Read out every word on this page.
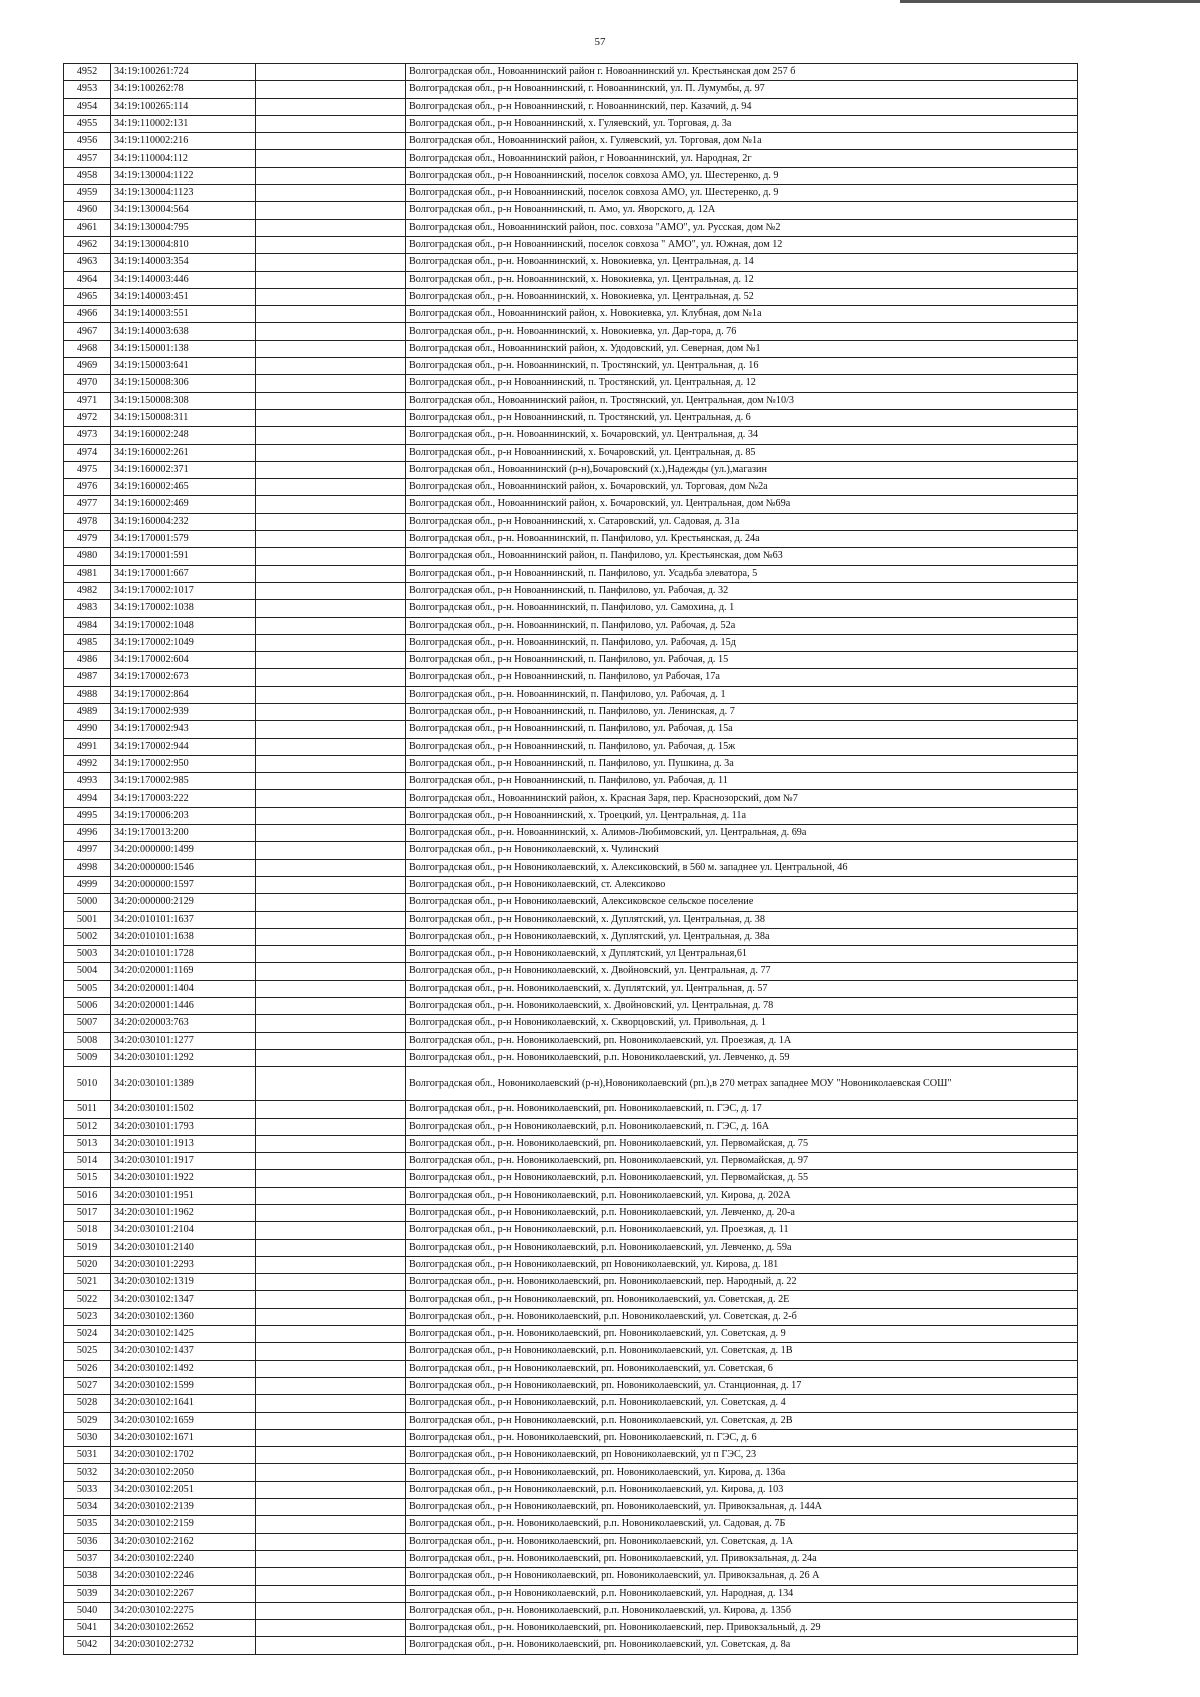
57
4952	34:19:100261:724		Волгоградская обл., Новоаннинский район г. Новоаннинский ул. Крестьянская дом 257 б
4953	34:19:100262:78		Волгоградская обл., р-н Новоаннинский, г. Новоаннинский, ул. П. Лумумбы, д. 97
4954	34:19:100265:114		Волгоградская обл., р-н Новоаннинский, г. Новоаннинский, пер. Казачий, д. 94
4955	34:19:110002:131		Волгоградская обл., р-н Новоаннинский, х. Гуляевский, ул. Торговая, д. 3а
4956	34:19:110002:216		Волгоградская обл., Новоаннинский район, х. Гуляевский, ул. Торговая, дом №1а
4957	34:19:110004:112		Волгоградская обл., Новоаннинский район, г Новоаннинский, ул. Народная, 2г
4958	34:19:130004:1122		Волгоградская обл., р-н Новоаннинский, поселок совхоза АМО, ул. Шестеренко, д. 9
4959	34:19:130004:1123		Волгоградская обл., р-н Новоаннинский, поселок совхоза АМО, ул. Шестеренко, д. 9
4960	34:19:130004:564		Волгоградская обл., р-н Новоаннинский, п. Амо, ул. Яворского, д. 12А
4961	34:19:130004:795		Волгоградская обл., Новоаннинский район, пос. совхоза "АМО", ул. Русская, дом №2
4962	34:19:130004:810		Волгоградская обл., р-н Новоаннинский, поселок совхоза " АМО", ул. Южная, дом 12
4963	34:19:140003:354		Волгоградская обл., р-н. Новоаннинский, х. Новокиевка, ул. Центральная, д. 14
4964	34:19:140003:446		Волгоградская обл., р-н. Новоаннинский, х. Новокиевка, ул. Центральная, д. 12
4965	34:19:140003:451		Волгоградская обл., р-н. Новоаннинский, х. Новокиевка, ул. Центральная, д. 52
4966	34:19:140003:551		Волгоградская обл., Новоаннинский район, х. Новокиевка, ул. Клубная, дом №1а
4967	34:19:140003:638		Волгоградская обл., р-н. Новоаннинский, х. Новокиевка, ул. Дар-гора, д. 76
4968	34:19:150001:138		Волгоградская обл., Новоаннинский район, х. Удодовский, ул. Северная, дом №1
4969	34:19:150003:641		Волгоградская обл., р-н. Новоаннинский, п. Тростянский, ул. Центральная, д. 16
4970	34:19:150008:306		Волгоградская обл., р-н Новоаннинский, п. Тростянский, ул. Центральная, д. 12
4971	34:19:150008:308		Волгоградская обл., Новоаннинский район, п. Тростянский, ул. Центральная, дом №10/3
4972	34:19:150008:311		Волгоградская обл., р-н Новоаннинский, п. Тростянский, ул. Центральная, д. 6
4973	34:19:160002:248		Волгоградская обл., р-н. Новоаннинский, х. Бочаровский, ул. Центральная, д. 34
4974	34:19:160002:261		Волгоградская обл., р-н Новоаннинский, х. Бочаровский, ул. Центральная, д. 85
4975	34:19:160002:371		Волгоградская обл., Новоаннинский (р-н),Бочаровский (х.),Надежды (ул.),магазин
4976	34:19:160002:465		Волгоградская обл., Новоаннинский район, х. Бочаровский, ул. Торговая, дом №2а
4977	34:19:160002:469		Волгоградская обл., Новоаннинский район, х. Бочаровский, ул. Центральная, дом №69а
4978	34:19:160004:232		Волгоградская обл., р-н Новоаннинский, х. Сатаровский, ул. Садовая, д. 31а
4979	34:19:170001:579		Волгоградская обл., р-н. Новоаннинский, п. Панфилово, ул. Крестьянская, д. 24а
4980	34:19:170001:591		Волгоградская обл., Новоаннинский район, п. Панфилово, ул. Крестьянская, дом №63
4981	34:19:170001:667		Волгоградская обл., р-н Новоаннинский, п. Панфилово, ул. Усадьба элеватора, 5
4982	34:19:170002:1017		Волгоградская обл., р-н Новоаннинский, п. Панфилово, ул. Рабочая, д. 32
4983	34:19:170002:1038		Волгоградская обл., р-н. Новоаннинский, п. Панфилово, ул. Самохина, д. 1
4984	34:19:170002:1048		Волгоградская обл., р-н. Новоаннинский, п. Панфилово, ул. Рабочая, д. 52а
4985	34:19:170002:1049		Волгоградская обл., р-н. Новоаннинский, п. Панфилово, ул. Рабочая, д. 15д
4986	34:19:170002:604		Волгоградская обл., р-н Новоаннинский, п. Панфилово, ул. Рабочая, д. 15
4987	34:19:170002:673		Волгоградская обл., р-н Новоаннинский, п. Панфилово, ул Рабочая, 17а
4988	34:19:170002:864		Волгоградская обл., р-н. Новоаннинский, п. Панфилово, ул. Рабочая, д. 1
4989	34:19:170002:939		Волгоградская обл., р-н Новоаннинский, п. Панфилово, ул. Ленинская, д. 7
4990	34:19:170002:943		Волгоградская обл., р-н Новоаннинский, п. Панфилово, ул. Рабочая, д. 15а
4991	34:19:170002:944		Волгоградская обл., р-н Новоаннинский, п. Панфилово, ул. Рабочая, д. 15ж
4992	34:19:170002:950		Волгоградская обл., р-н Новоаннинский, п. Панфилово, ул. Пушкина, д. 3а
4993	34:19:170002:985		Волгоградская обл., р-н Новоаннинский, п. Панфилово, ул. Рабочая, д. 11
4994	34:19:170003:222		Волгоградская обл., Новоаннинский район, х. Красная Заря, пер. Краснозорский, дом №7
4995	34:19:170006:203		Волгоградская обл., р-н Новоаннинский, х. Троецкий, ул. Центральная, д. 11а
4996	34:19:170013:200		Волгоградская обл., р-н. Новоаннинский, х. Алимов-Любимовский, ул. Центральная, д. 69а
4997	34:20:000000:1499		Волгоградская обл., р-н Новониколаевский, х. Чулинский
4998	34:20:000000:1546		Волгоградская обл., р-н Новониколаевский, х. Алексиковский, в 560 м. западнее ул. Центральной, 46
4999	34:20:000000:1597		Волгоградская обл., р-н Новониколаевский, ст. Алексиково
5000	34:20:000000:2129		Волгоградская обл., р-н Новониколаевский, Алексиковское сельское поселение
5001	34:20:010101:1637		Волгоградская обл., р-н Новониколаевский, х. Дуплятский, ул. Центральная, д. 38
5002	34:20:010101:1638		Волгоградская обл., р-н Новониколаевский, х. Дуплятский, ул. Центральная, д. 38а
5003	34:20:010101:1728		Волгоградская обл., р-н Новониколаевский, х Дуплятский, ул Центральная,61
5004	34:20:020001:1169		Волгоградская обл., р-н Новониколаевский, х. Двойновский, ул. Центральная, д. 77
5005	34:20:020001:1404		Волгоградская обл., р-н. Новониколаевский, х. Дуплятский, ул. Центральная, д. 57
5006	34:20:020001:1446		Волгоградская обл., р-н. Новониколаевский, х. Двойновский, ул. Центральная, д. 78
5007	34:20:020003:763		Волгоградская обл., р-н Новониколаевский, х. Скворцовский, ул. Привольная, д. 1
5008	34:20:030101:1277		Волгоградская обл., р-н. Новониколаевский, рп. Новониколаевский, ул. Проезжая, д. 1А
5009	34:20:030101:1292		Волгоградская обл., р-н. Новониколаевский, р.п. Новониколаевский, ул. Левченко, д. 59
5010	34:20:030101:1389		Волгоградская обл., Новониколаевский (р-н),Новониколаевский (рп.),в 270 метрах западнее МОУ "Новониколаевская СОШ"
5011	34:20:030101:1502		Волгоградская обл., р-н. Новониколаевский, рп. Новониколаевский, п. ГЭС, д. 17
5012	34:20:030101:1793		Волгоградская обл., р-н Новониколаевский, р.п. Новониколаевский, п. ГЭС, д. 16А
5013	34:20:030101:1913		Волгоградская обл., р-н. Новониколаевский, рп. Новониколаевский, ул. Первомайская, д. 75
5014	34:20:030101:1917		Волгоградская обл., р-н. Новониколаевский, рп. Новониколаевский, ул. Первомайская, д. 97
5015	34:20:030101:1922		Волгоградская обл., р-н Новониколаевский, р.п. Новониколаевский, ул. Первомайская, д. 55
5016	34:20:030101:1951		Волгоградская обл., р-н Новониколаевский, р.п. Новониколаевский, ул. Кирова, д. 202А
5017	34:20:030101:1962		Волгоградская обл., р-н Новониколаевский, р.п. Новониколаевский, ул. Левченко, д. 20-а
5018	34:20:030101:2104		Волгоградская обл., р-н Новониколаевский, р.п. Новониколаевский, ул. Проезжая, д. 11
5019	34:20:030101:2140		Волгоградская обл., р-н Новониколаевский, р.п. Новониколаевский, ул. Левченко, д. 59а
5020	34:20:030101:2293		Волгоградская обл., р-н Новониколаевский, рп Новониколаевский, ул. Кирова, д. 181
5021	34:20:030102:1319		Волгоградская обл., р-н. Новониколаевский, рп. Новониколаевский, пер. Народный, д. 22
5022	34:20:030102:1347		Волгоградская обл., р-н Новониколаевский, рп. Новониколаевский, ул. Советская, д. 2Е
5023	34:20:030102:1360		Волгоградская обл., р-н. Новониколаевский, р.п. Новониколаевский, ул. Советская, д. 2-б
5024	34:20:030102:1425		Волгоградская обл., р-н. Новониколаевский, рп. Новониколаевский, ул. Советская, д. 9
5025	34:20:030102:1437		Волгоградская обл., р-н Новониколаевский, р.п. Новониколаевский, ул. Советская, д. 1В
5026	34:20:030102:1492		Волгоградская обл., р-н Новониколаевский, рп. Новониколаевский, ул. Советская, 6
5027	34:20:030102:1599		Волгоградская обл., р-н Новониколаевский, рп. Новониколаевский, ул. Станционная, д. 17
5028	34:20:030102:1641		Волгоградская обл., р-н Новониколаевский, р.п. Новониколаевский, ул. Советская, д. 4
5029	34:20:030102:1659		Волгоградская обл., р-н Новониколаевский, р.п. Новониколаевский, ул. Советская, д. 2В
5030	34:20:030102:1671		Волгоградская обл., р-н. Новониколаевский, рп. Новониколаевский, п. ГЭС, д. 6
5031	34:20:030102:1702		Волгоградская обл., р-н Новониколаевский, рп Новониколаевский, ул п ГЭС, 23
5032	34:20:030102:2050		Волгоградская обл., р-н Новониколаевский, рп. Новониколаевский, ул. Кирова, д. 136а
5033	34:20:030102:2051		Волгоградская обл., р-н Новониколаевский, р.п. Новониколаевский, ул. Кирова, д. 103
5034	34:20:030102:2139		Волгоградская обл., р-н Новониколаевский, рп. Новониколаевский, ул. Привокзальная, д. 144А
5035	34:20:030102:2159		Волгоградская обл., р-н. Новониколаевский, р.п. Новониколаевский, ул. Садовая, д. 7Б
5036	34:20:030102:2162		Волгоградская обл., р-н. Новониколаевский, рп. Новониколаевский, ул. Советская, д. 1А
5037	34:20:030102:2240		Волгоградская обл., р-н. Новониколаевский, рп. Новониколаевский, ул. Привокзальная, д. 24а
5038	34:20:030102:2246		Волгоградская обл., р-н Новониколаевский, рп. Новониколаевский, ул. Привокзальная, д. 26 А
5039	34:20:030102:2267		Волгоградская обл., р-н Новониколаевский, р.п. Новониколаевский, ул. Народная, д. 134
5040	34:20:030102:2275		Волгоградская обл., р-н. Новониколаевский, р.п. Новониколаевский, ул. Кирова, д. 135б
5041	34:20:030102:2652		Волгоградская обл., р-н. Новониколаевский, рп. Новониколаевский, пер. Привокзальный, д. 29
5042	34:20:030102:2732		Волгоградская обл., р-н. Новониколаевский, рп. Новониколаевский, ул. Советская, д. 8а
